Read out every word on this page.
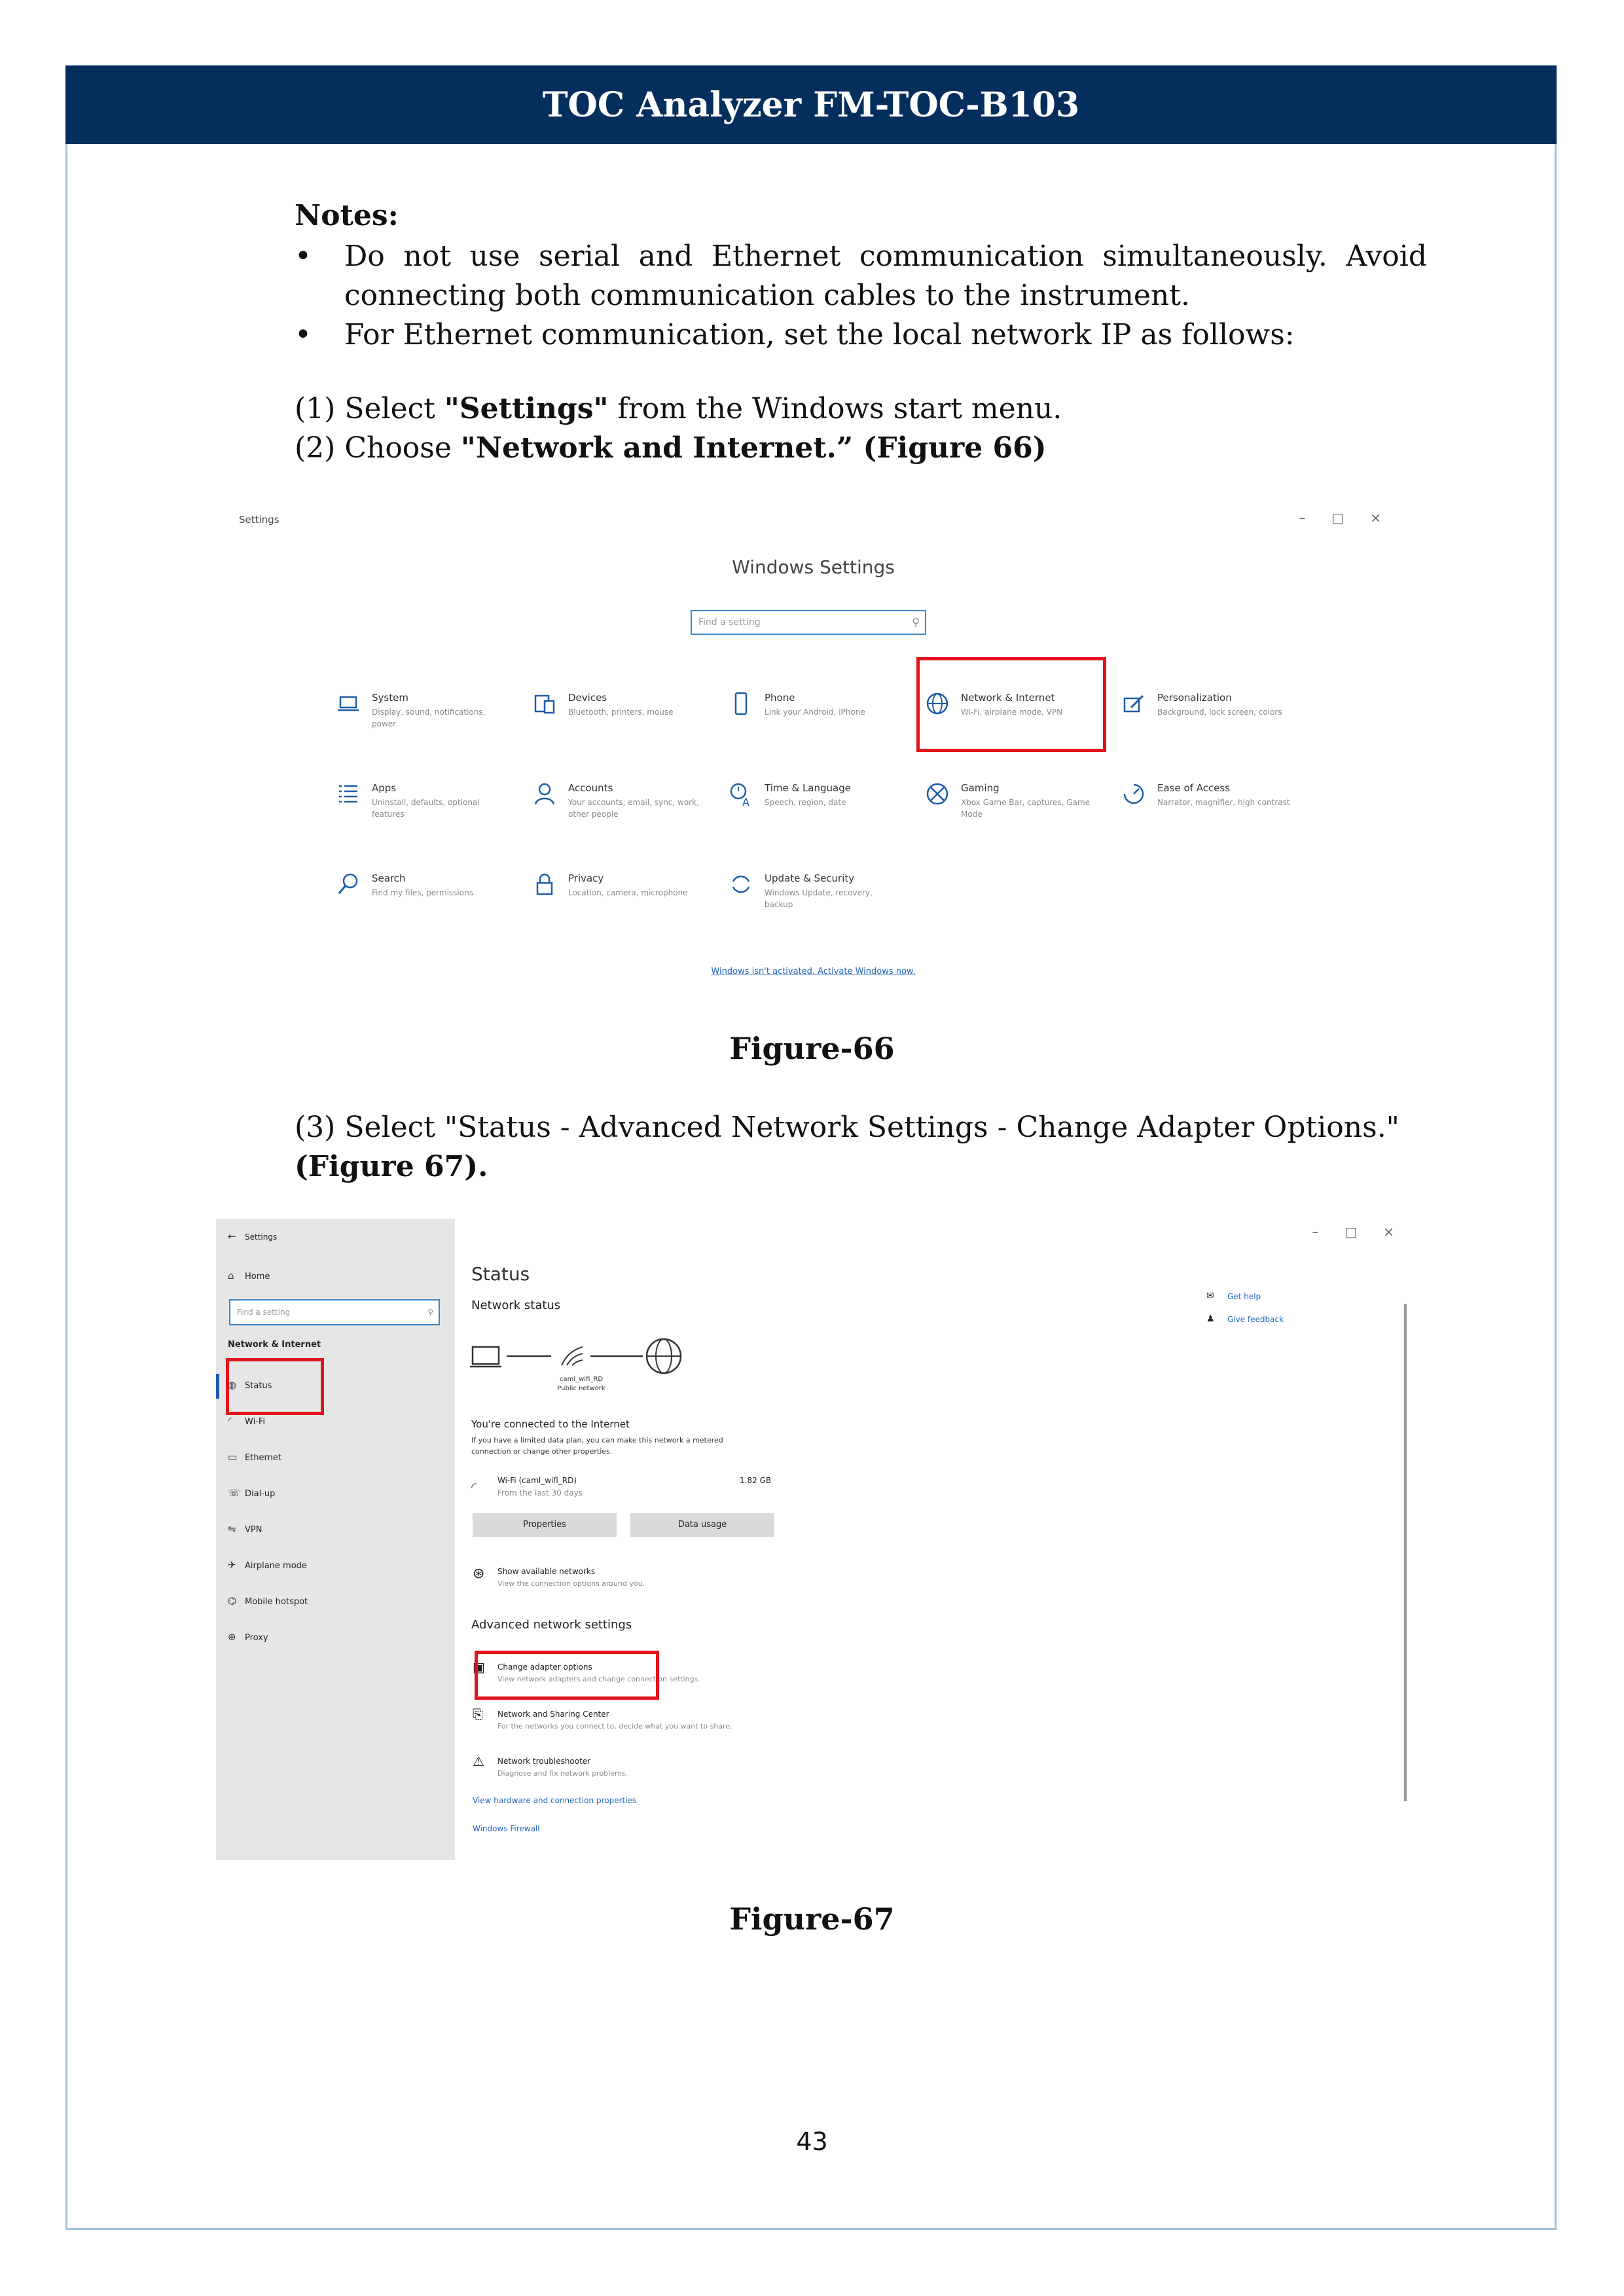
TOC Analyzer FM-TOC-B103
Notes:
• Do not use serial and Ethernet communication simultaneously. Avoid connecting both communication cables to the instrument.
• For Ethernet communication, set the local network IP as follows:
(1) Select "Settings" from the Windows start menu.
(2) Choose "Network and Internet.” (Figure 66)
Settings	– □ ×
Windows Settings
Find a setting	⚲
System
Display, sound, notifications, power
Devices
Bluetooth, printers, mouse
Phone
Link your Android, iPhone
Network & Internet
Wi-Fi, airplane mode, VPN
Personalization
Background, lock screen, colors
Apps
Uninstall, defaults, optional features
Accounts
Your accounts, email, sync, work, other people
A
Time & Language
Speech, region, date
Gaming
Xbox Game Bar, captures, Game Mode
Ease of Access
Narrator, magnifier, high contrast
Search
Find my files, permissions
Privacy
Location, camera, microphone
Update & Security
Windows Update, recovery, backup
Windows isn't activated. Activate Windows now.
Figure-66
(3) Select "Status - Advanced Network Settings - Change Adapter Options." (Figure 67).
← Settings
⌂ Home
Find a setting	⚲
Network & Internet
◍ Status
◜ Wi-Fi
▭ Ethernet
☏ Dial-up
⇋ VPN
✈ Airplane mode
⌬ Mobile hotspot
⊕ Proxy
– □ ×
Status
Network status
caml_wifi_RD
Public network
You're connected to the Internet
If you have a limited data plan, you can make this network a metered connection or change other properties.
◜	Wi-Fi (caml_wifi_RD)
From the last 30 days
1.82 GB
Properties	Data usage
⊛ Show available networks
View the connection options around you.
Advanced network settings
▣ Change adapter options
View network adapters and change connection settings.
⎘ Network and Sharing Center
For the networks you connect to, decide what you want to share.
⚠ Network troubleshooter
Diagnose and fix network problems.
View hardware and connection properties
Windows Firewall
✉ Get help
♟ Give feedback
Figure-67
43
